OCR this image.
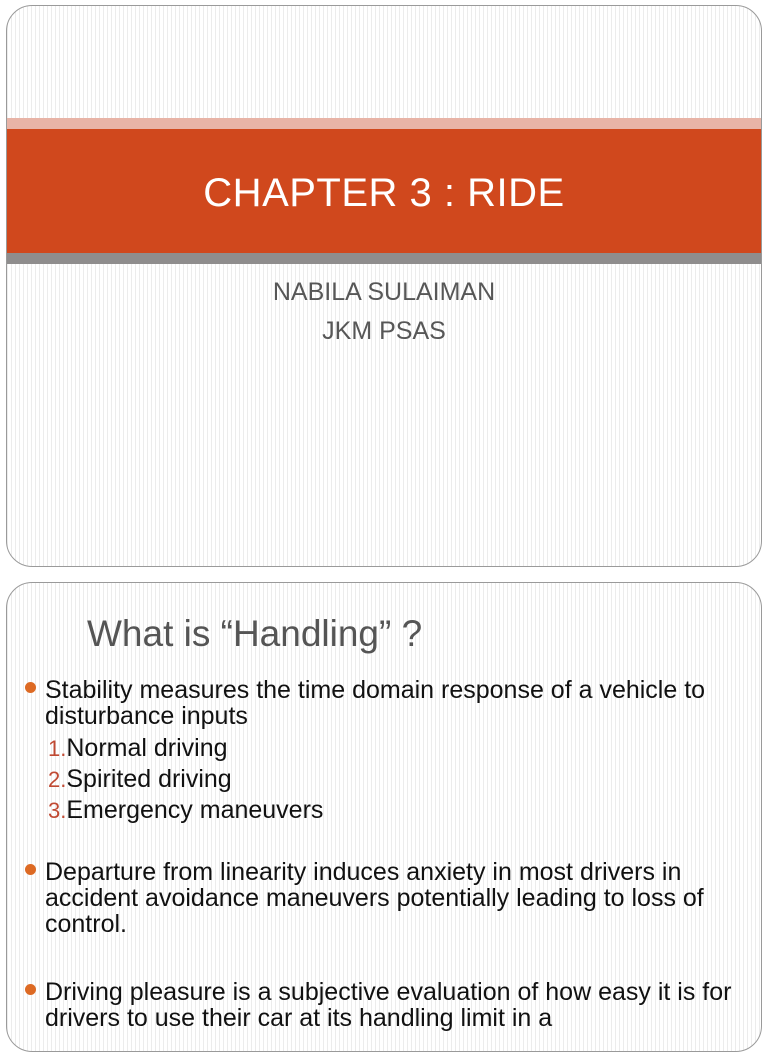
CHAPTER 3 : RIDE
NABILA SULAIMAN
JKM PSAS
What is “Handling” ?
Stability measures the time domain response of a vehicle to disturbance inputs
1.Normal driving
2.Spirited driving
3.Emergency maneuvers
Departure from linearity induces anxiety in most drivers in accident avoidance maneuvers potentially leading to loss of control.
Driving pleasure is a subjective evaluation of how easy it is for drivers to use their car at its handling limit in a
